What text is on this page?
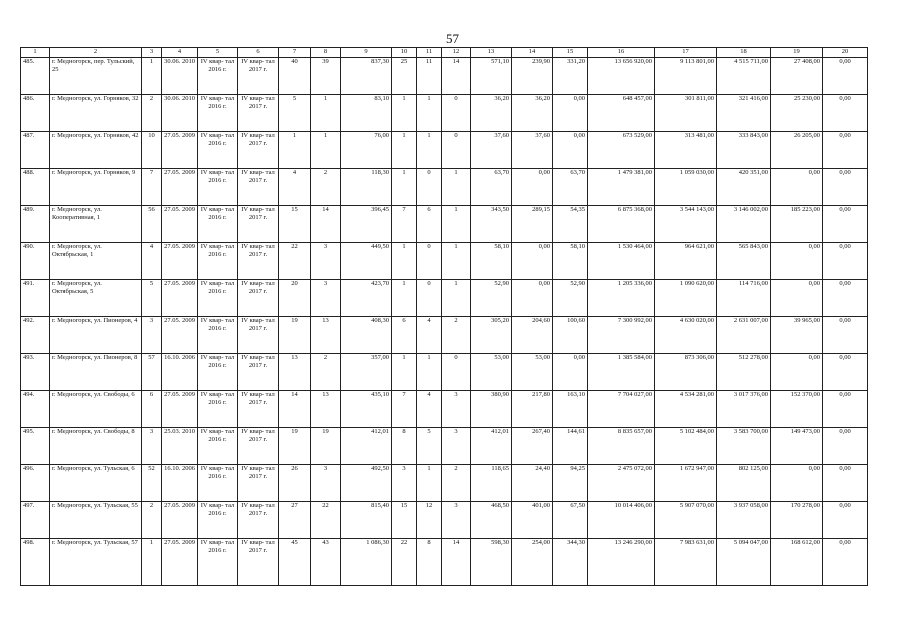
57
1	2	3	4	5	6	7	8	9	10	11	12	13	14	15	16	17	18	19	20
485.	г. Медногорск, пер. Тульский, 25	1	30.06. 2010	IV квар- тал 2016 г.	IV квар- тал 2017 г.	40	39	837,30	25	11	14	571,10	239,90	331,20	13 656 920,00	9 113 801,00	4 515 711,00	27 408,00	0,00
486.	г. Медногорск, ул. Горняков, 32	2	30.06. 2010	IV квар- тал 2016 г.	IV квар- тал 2017 г.	5	1	83,10	1	1	0	36,20	36,20	0,00	648 457,00	301 811,00	321 416,00	25 230,00	0,00
487.	г. Медногорск, ул. Горняков, 42	10	27.05. 2009	IV квар- тал 2016 г.	IV квар- тал 2017 г.	1	1	76,00	1	1	0	37,60	37,60	0,00	673 529,00	313 481,00	333 843,00	26 205,00	0,00
488.	г. Медногорск, ул. Горняков, 9	7	27.05. 2009	IV квар- тал 2016 г.	IV квар- тал 2017 г.	4	2	118,30	1	0	1	63,70	0,00	63,70	1 479 381,00	1 059 030,00	420 351,00	0,00	0,00
489.	г. Медногорск, ул. Кооперативная, 1	56	27.05. 2009	IV квар- тал 2016 г.	IV квар- тал 2017 г.	15	14	396,45	7	6	1	343,50	289,15	54,35	6 875 368,00	3 544 143,00	3 146 002,00	185 223,00	0,00
490.	г. Медногорск, ул. Октябрьская, 1	4	27.05. 2009	IV квар- тал 2016 г.	IV квар- тал 2017 г.	22	3	449,50	1	0	1	58,10	0,00	58,10	1 530 464,00	964 621,00	565 843,00	0,00	0,00
491.	г. Медногорск, ул. Октябрьская, 5	5	27.05. 2009	IV квар- тал 2016 г.	IV квар- тал 2017 г.	20	3	423,70	1	0	1	52,90	0,00	52,90	1 205 336,00	1 090 620,00	114 716,00	0,00	0,00
492.	г. Медногорск, ул. Пионеров, 4	3	27.05. 2009	IV квар- тал 2016 г.	IV квар- тал 2017 г.	19	13	408,30	6	4	2	305,20	204,60	100,60	7 300 992,00	4 630 020,00	2 631 007,00	39 965,00	0,00
493.	г. Медногорск, ул. Пионеров, 8	57	16.10. 2006	IV квар- тал 2016 г.	IV квар- тал 2017 г.	13	2	357,00	1	1	0	53,00	53,00	0,00	1 385 584,00	873 306,00	512 278,00	0,00	0,00
494.	г. Медногорск, ул. Свободы, 6	6	27.05. 2009	IV квар- тал 2016 г.	IV квар- тал 2017 г.	14	13	435,10	7	4	3	380,90	217,80	163,10	7 704 027,00	4 534 281,00	3 017 376,00	152 370,00	0,00
495.	г. Медногорск, ул. Свободы, 8	3	25.03. 2010	IV квар- тал 2016 г.	IV квар- тал 2017 г.	19	19	412,01	8	5	3	412,01	267,40	144,61	8 835 657,00	5 102 484,00	3 583 700,00	149 473,00	0,00
496.	г. Медногорск, ул. Тульская, 6	52	16.10. 2006	IV квар- тал 2016 г.	IV квар- тал 2017 г.	26	3	492,50	3	1	2	118,65	24,40	94,25	2 475 072,00	1 672 947,00	802 125,00	0,00	0,00
497.	г. Медногорск, ул. Тульская, 55	2	27.05. 2009	IV квар- тал 2016 г.	IV квар- тал 2017 г.	27	22	815,40	15	12	3	468,50	401,00	67,50	10 014 406,00	5 907 070,00	3 937 058,00	170 278,00	0,00
498.	г. Медногорск, ул. Тульская, 57	1	27.05. 2009	IV квар- тал 2016 г.	IV квар- тал 2017 г.	45	43	1 086,30	22	8	14	598,30	254,00	344,30	13 246 290,00	7 983 631,00	5 094 047,00	168 612,00	0,00
